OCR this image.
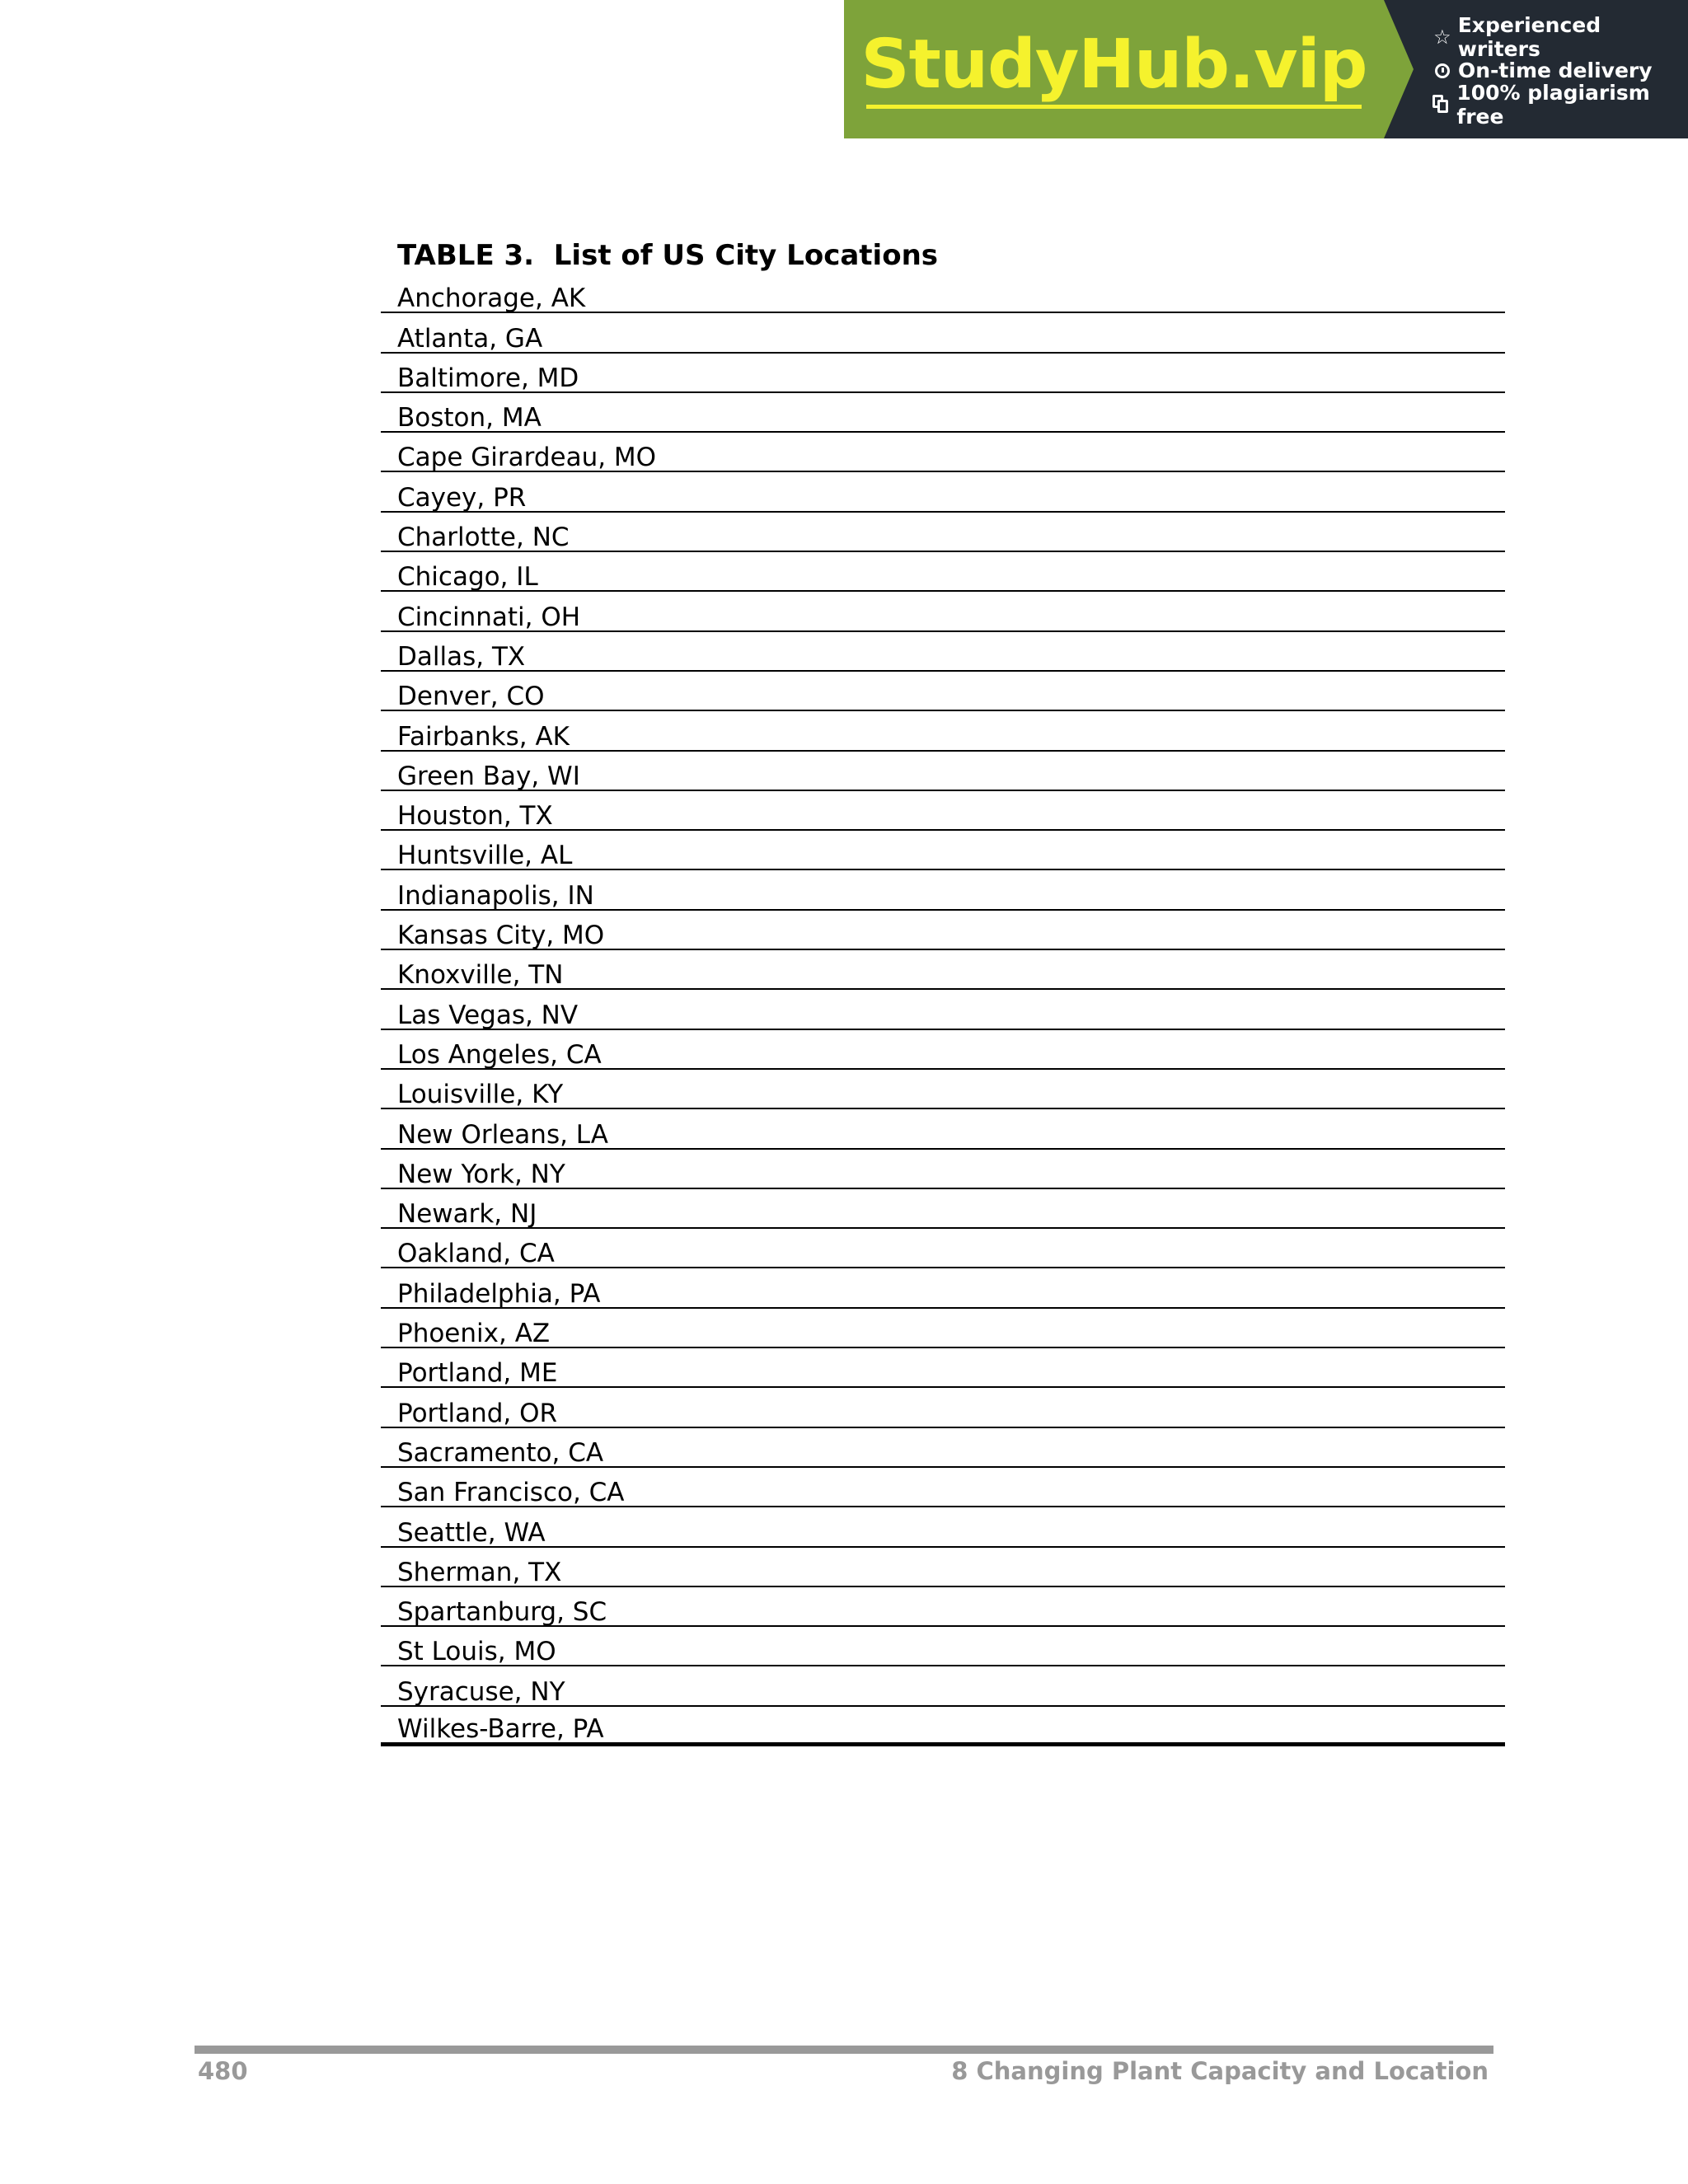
StudyHub.vip	☆ Experienced writers
On-time delivery
100% plagiarism free
TABLE 3.  List of US City Locations
Anchorage, AK
Atlanta, GA
Baltimore, MD
Boston, MA
Cape Girardeau, MO
Cayey, PR
Charlotte, NC
Chicago, IL
Cincinnati, OH
Dallas, TX
Denver, CO
Fairbanks, AK
Green Bay, WI
Houston, TX
Huntsville, AL
Indianapolis, IN
Kansas City, MO
Knoxville, TN
Las Vegas, NV
Los Angeles, CA
Louisville, KY
New Orleans, LA
New York, NY
Newark, NJ
Oakland, CA
Philadelphia, PA
Phoenix, AZ
Portland, ME
Portland, OR
Sacramento, CA
San Francisco, CA
Seattle, WA
Sherman, TX
Spartanburg, SC
St Louis, MO
Syracuse, NY
Wilkes-Barre, PA
480	8 Changing Plant Capacity and Location
